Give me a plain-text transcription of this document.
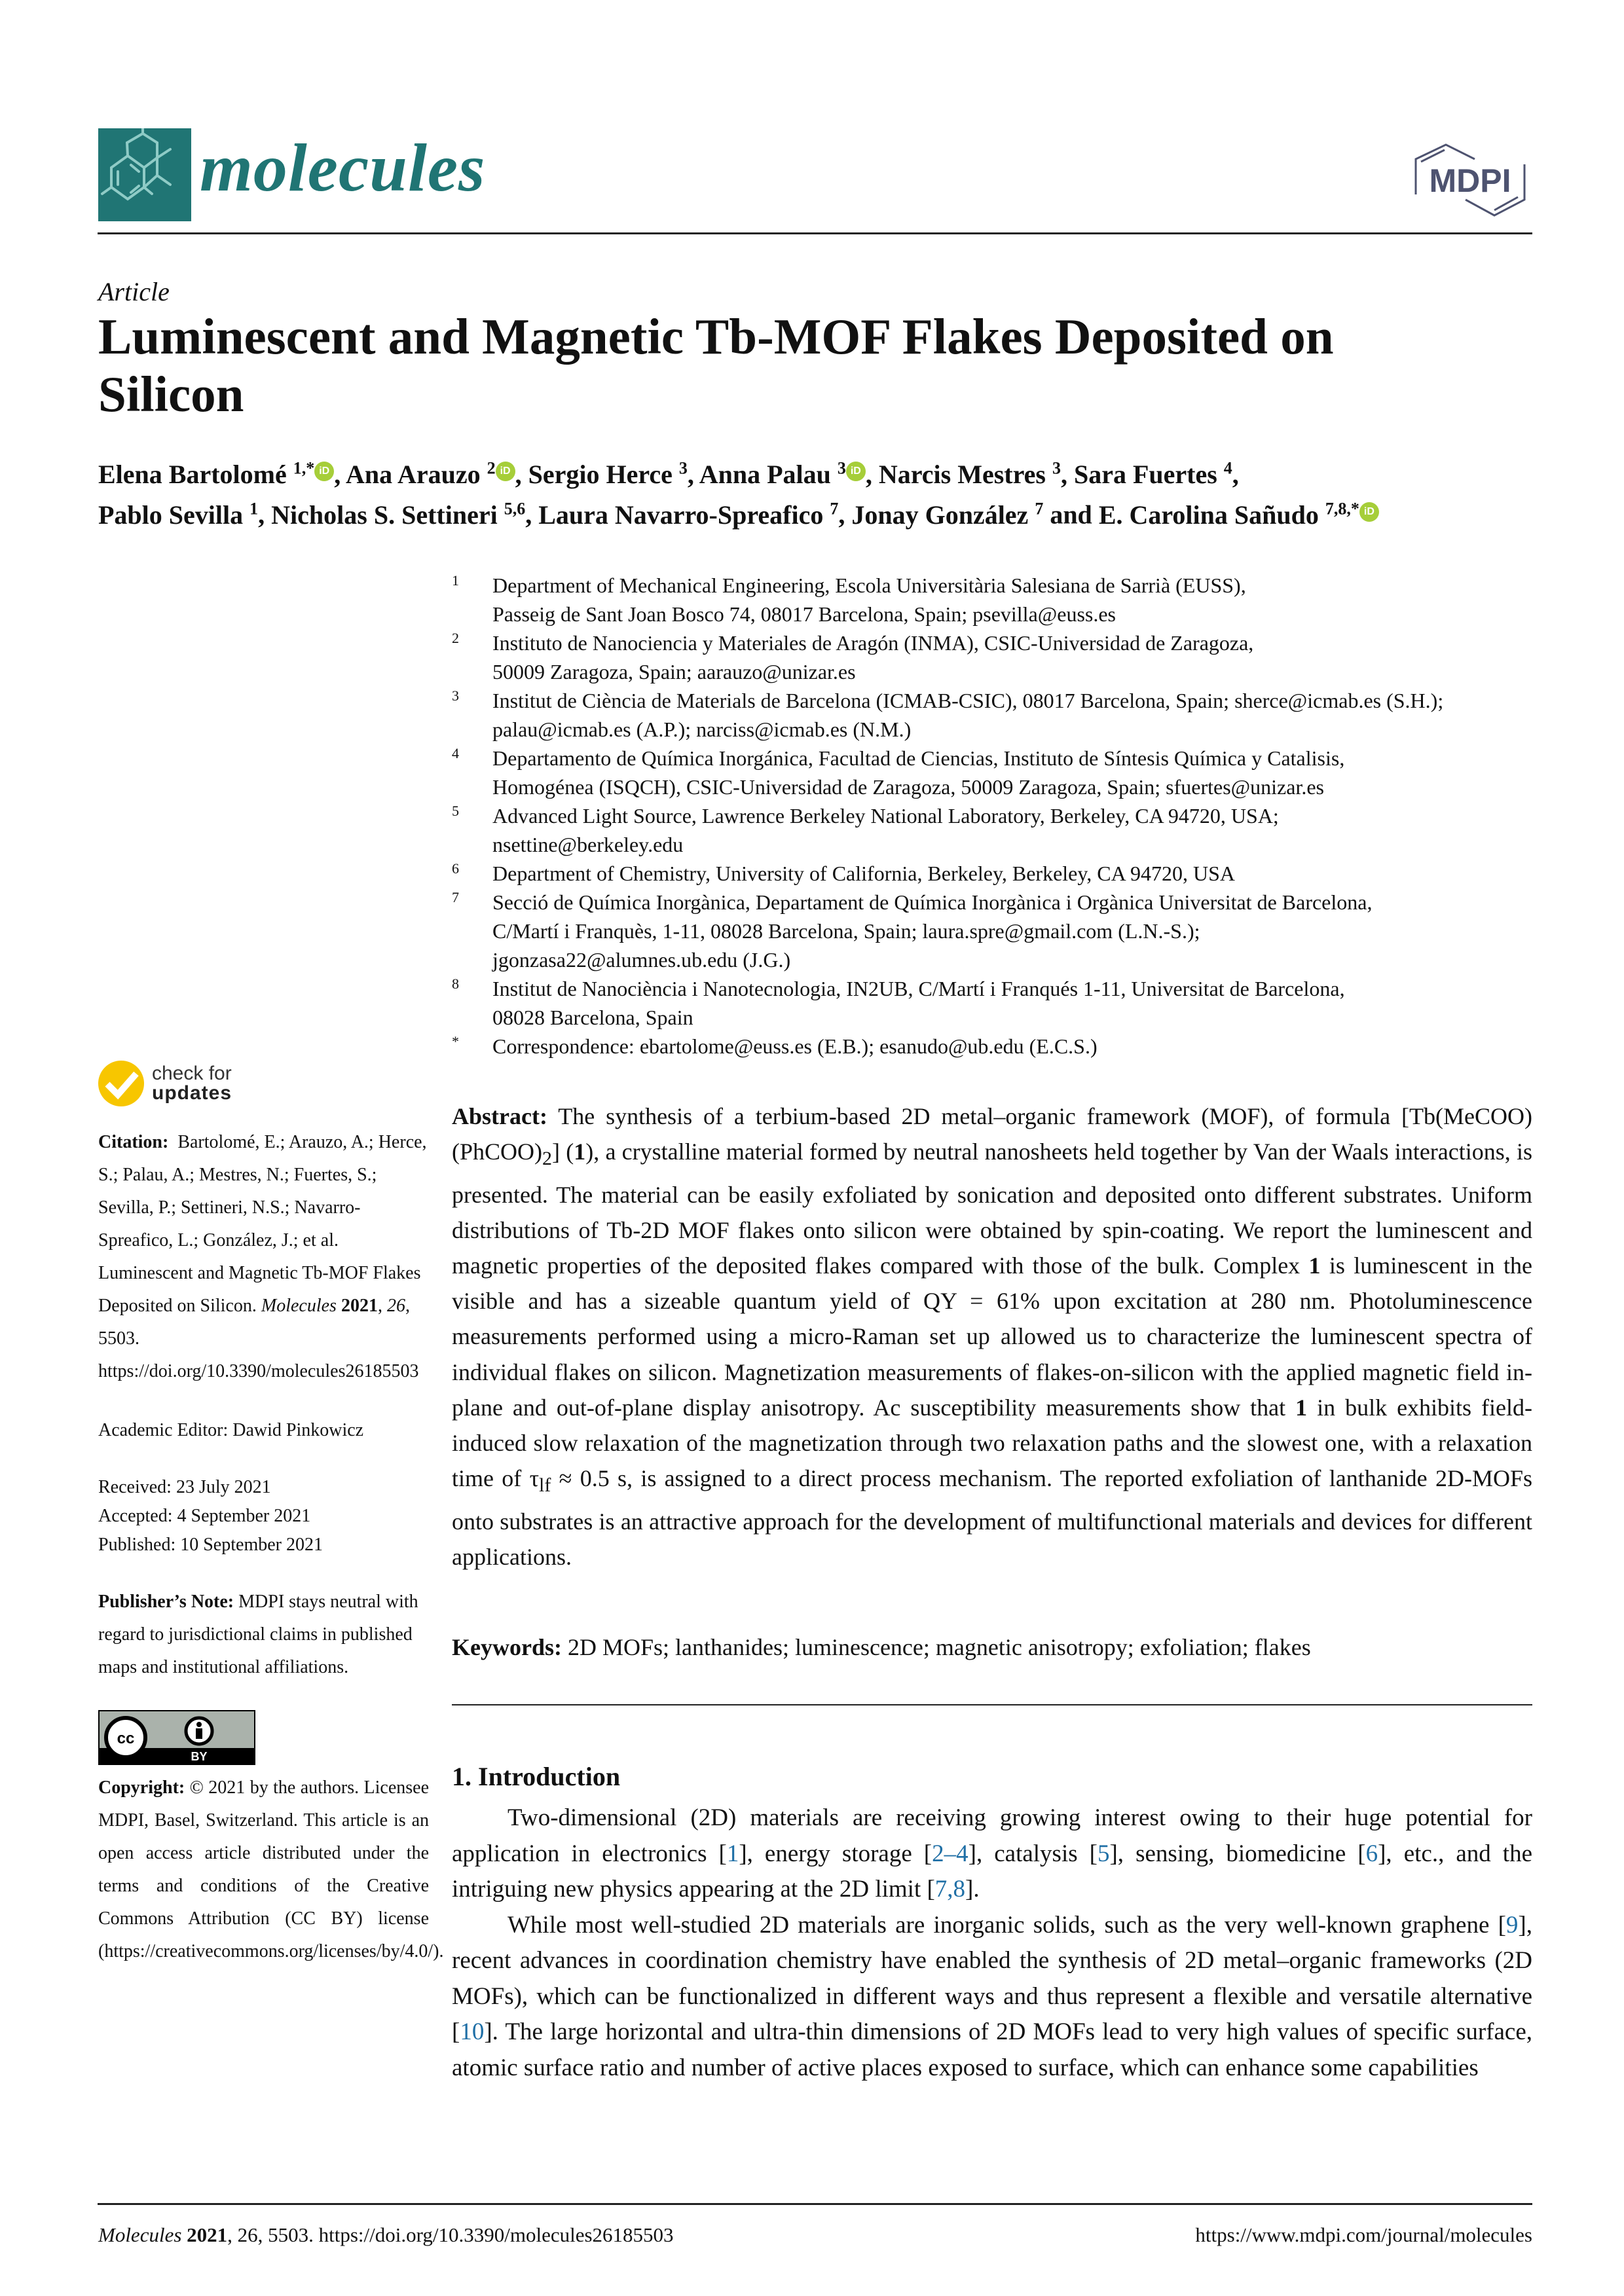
molecules	MDPI
Article
Luminescent and Magnetic Tb-MOF Flakes Deposited on Silicon
Elena Bartolomé $^{1,*}$ iD , Ana Arauzo $^2$ iD , Sergio Herce $^3$, Anna Palau $^3$ iD , Narcis Mestres $^3$, Sara Fuertes $^4$,
Pablo Sevilla $^1$, Nicholas S. Settineri $^{5,6}$, Laura Navarro-Spreafico $^7$, Jonay González $^7$ and E. Carolina Sañudo $^{7,8,*}$ iD
1	Department of Mechanical Engineering, Escola Universitària Salesiana de Sarrià (EUSS),
Passeig de Sant Joan Bosco 74, 08017 Barcelona, Spain; psevilla@euss.es
2	Instituto de Nanociencia y Materiales de Aragón (INMA), CSIC-Universidad de Zaragoza,
50009 Zaragoza, Spain; aarauzo@unizar.es
3	Institut de Ciència de Materials de Barcelona (ICMAB-CSIC), 08017 Barcelona, Spain; sherce@icmab.es (S.H.);
palau@icmab.es (A.P.); narciss@icmab.es (N.M.)
4	Departamento de Química Inorgánica, Facultad de Ciencias, Instituto de Síntesis Química y Catalisis,
Homogénea (ISQCH), CSIC-Universidad de Zaragoza, 50009 Zaragoza, Spain; sfuertes@unizar.es
5	Advanced Light Source, Lawrence Berkeley National Laboratory, Berkeley, CA 94720, USA;
nsettine@berkeley.edu
6	Department of Chemistry, University of California, Berkeley, Berkeley, CA 94720, USA
7	Secció de Química Inorgànica, Departament de Química Inorgànica i Orgànica Universitat de Barcelona,
C/Martí i Franquès, 1-11, 08028 Barcelona, Spain; laura.spre@gmail.com (L.N.-S.);
jgonzasa22@alumnes.ub.edu (J.G.)
8	Institut de Nanociència i Nanotecnologia, IN2UB, C/Martí i Franqués 1-11, Universitat de Barcelona,
08028 Barcelona, Spain
*	Correspondence: ebartolome@euss.es (E.B.); esanudo@ub.edu (E.C.S.)
check for
updates
Citation: Bartolomé, E.; Arauzo, A.; Herce, S.; Palau, A.; Mestres, N.; Fuertes, S.; Sevilla, P.; Settineri, N.S.; Navarro-Spreafico, L.; González, J.; et al. Luminescent and Magnetic Tb-MOF Flakes Deposited on Silicon. Molecules 2021, 26, 5503. https://doi.org/10.3390/molecules26185503
Academic Editor: Dawid Pinkowicz
Received: 23 July 2021
Accepted: 4 September 2021
Published: 10 September 2021
Publisher’s Note: MDPI stays neutral with regard to jurisdictional claims in published maps and institutional affiliations.
cc
BY
Copyright: © 2021 by the authors. Licensee MDPI, Basel, Switzerland. This article is an open access article distributed under the terms and conditions of the Creative Commons Attribution (CC BY) license (https://creativecommons.org/licenses/by/4.0/).
Abstract: The synthesis of a terbium-based 2D metal–organic framework (MOF), of formula $[Tb(MeCOO)(PhCOO)_2]$ (1), a crystalline material formed by neutral nanosheets held together by Van der Waals interactions, is presented. The material can be easily exfoliated by sonication and deposited onto different substrates. Uniform distributions of Tb-2D MOF flakes onto silicon were obtained by spin-coating. We report the luminescent and magnetic properties of the deposited flakes compared with those of the bulk. Complex 1 is luminescent in the visible and has a sizeable quantum yield of QY = 61% upon excitation at 280 nm. Photoluminescence measurements performed using a micro-Raman set up allowed us to characterize the luminescent spectra of individual flakes on silicon. Magnetization measurements of flakes-on-silicon with the applied magnetic field in-plane and out-of-plane display anisotropy. Ac susceptibility measurements show that 1 in bulk exhibits field-induced slow relaxation of the magnetization through two relaxation paths and the slowest one, with a relaxation time of $\tau_{lf} \approx 0.5$ s, is assigned to a direct process mechanism. The reported exfoliation of lanthanide 2D-MOFs onto substrates is an attractive approach for the development of multifunctional materials and devices for different applications.
Keywords: 2D MOFs; lanthanides; luminescence; magnetic anisotropy; exfoliation; flakes
1. Introduction

Two-dimensional (2D) materials are receiving growing interest owing to their huge potential for application in electronics [1], energy storage [2–4], catalysis [5], sensing, biomedicine [6], etc., and the intriguing new physics appearing at the 2D limit [7,8].

While most well-studied 2D materials are inorganic solids, such as the very well-known graphene [9], recent advances in coordination chemistry have enabled the synthesis of 2D metal–organic frameworks (2D MOFs), which can be functionalized in different ways and thus represent a flexible and versatile alternative [10]. The large horizontal and ultra-thin dimensions of 2D MOFs lead to very high values of specific surface, atomic surface ratio and number of active places exposed to surface, which can enhance some capabilities

Molecules 2021, 26, 5503. https://doi.org/10.3390/molecules26185503	https://www.mdpi.com/journal/molecules
